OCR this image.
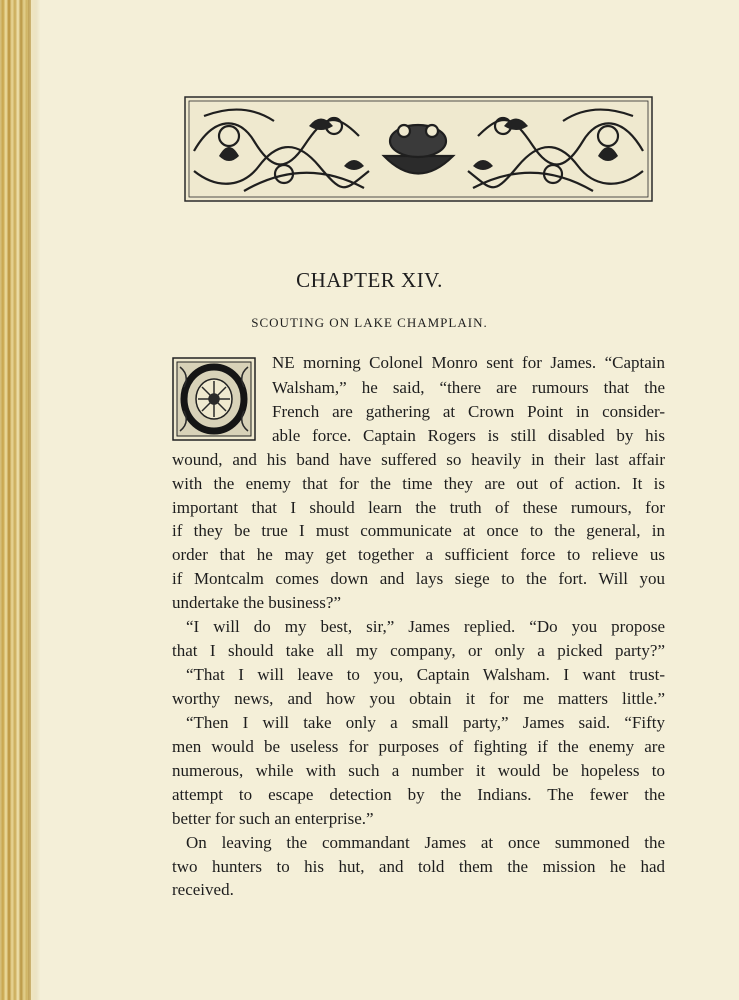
CHAPTER XIV.
SCOUTING ON LAKE CHAMPLAIN.
NE morning Colonel Monro sent for James. “Captain
Walsham,” he said, “there are rumours that the
French are gathering at Crown Point in consider-
able force. Captain Rogers is still disabled by his
wound, and his band have suffered so heavily in their last affair
with the enemy that for the time they are out of action. It is
important that I should learn the truth of these rumours, for
if they be true I must communicate at once to the general, in
order that he may get together a sufficient force to relieve us
if Montcalm comes down and lays siege to the fort. Will you
undertake the business?”
“I will do my best, sir,” James replied. “Do you propose
that I should take all my company, or only a picked party?”
“That I will leave to you, Captain Walsham. I want trust-
worthy news, and how you obtain it for me matters little.”
“Then I will take only a small party,” James said. “Fifty
men would be useless for purposes of fighting if the enemy are
numerous, while with such a number it would be hopeless to
attempt to escape detection by the Indians. The fewer the
better for such an enterprise.”
On leaving the commandant James at once summoned the
two hunters to his hut, and told them the mission he had
received.
